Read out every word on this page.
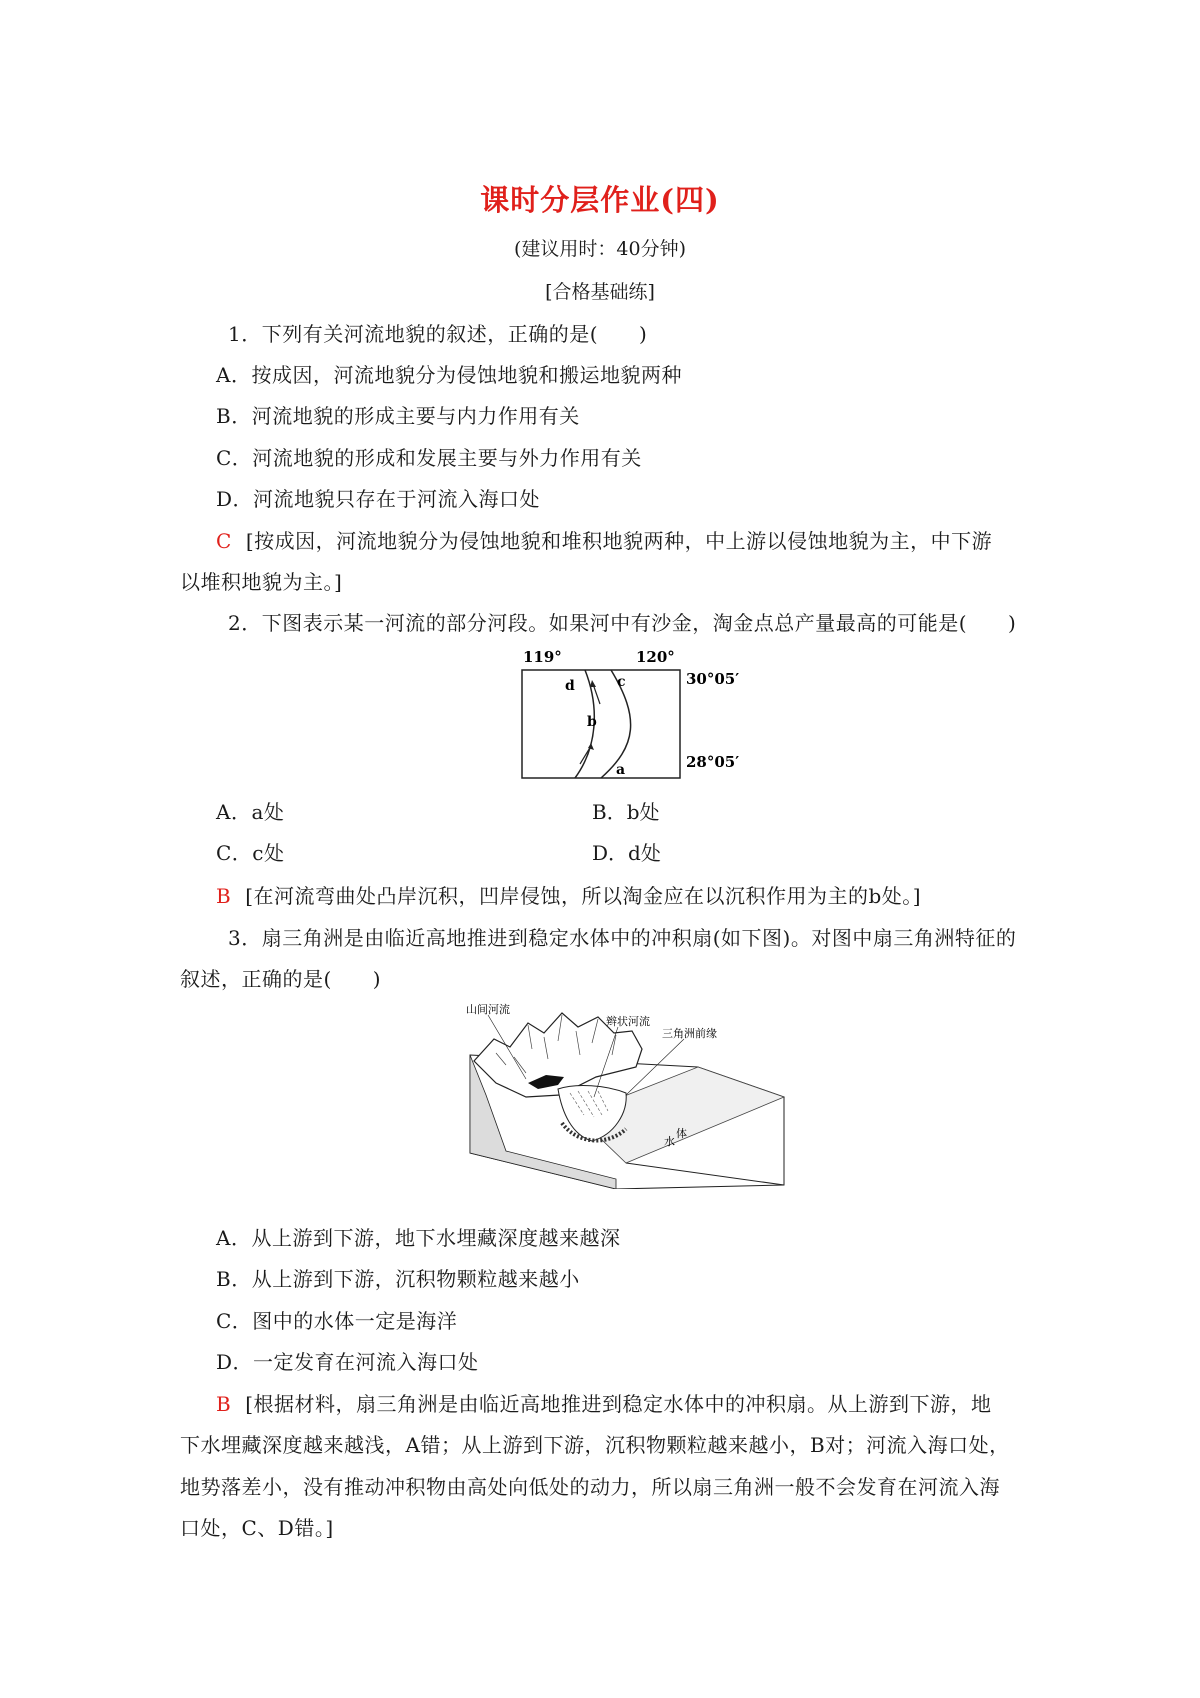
课时分层作业(四)
(建议用时：40分钟)
[合格基础练]
1．下列有关河流地貌的叙述，正确的是(　　)
A．按成因，河流地貌分为侵蚀地貌和搬运地貌两种
B．河流地貌的形成主要与内力作用有关
C．河流地貌的形成和发展主要与外力作用有关
D．河流地貌只存在于河流入海口处
C [按成因，河流地貌分为侵蚀地貌和堆积地貌两种，中上游以侵蚀地貌为主，中下游
以堆积地貌为主。]
2．下图表示某一河流的部分河段。如果河中有沙金，淘金点总产量最高的可能是(　　)
119°	120°
30°05′
28°05′
d	c
b
a
A．a处	B．b处
C．c处	D．d处
B [在河流弯曲处凸岸沉积，凹岸侵蚀，所以淘金应在以沉积作用为主的b处。]
3．扇三角洲是由临近高地推进到稳定水体中的冲积扇(如下图)。对图中扇三角洲特征的
叙述，正确的是(　　)
山间河流
辫状河流
三角洲前缘
水
体
A．从上游到下游，地下水埋藏深度越来越深
B．从上游到下游，沉积物颗粒越来越小
C．图中的水体一定是海洋
D．一定发育在河流入海口处
B [根据材料，扇三角洲是由临近高地推进到稳定水体中的冲积扇。从上游到下游，地
下水埋藏深度越来越浅，A错；从上游到下游，沉积物颗粒越来越小，B对；河流入海口处，
地势落差小，没有推动冲积物由高处向低处的动力，所以扇三角洲一般不会发育在河流入海
口处，C、D错。]
